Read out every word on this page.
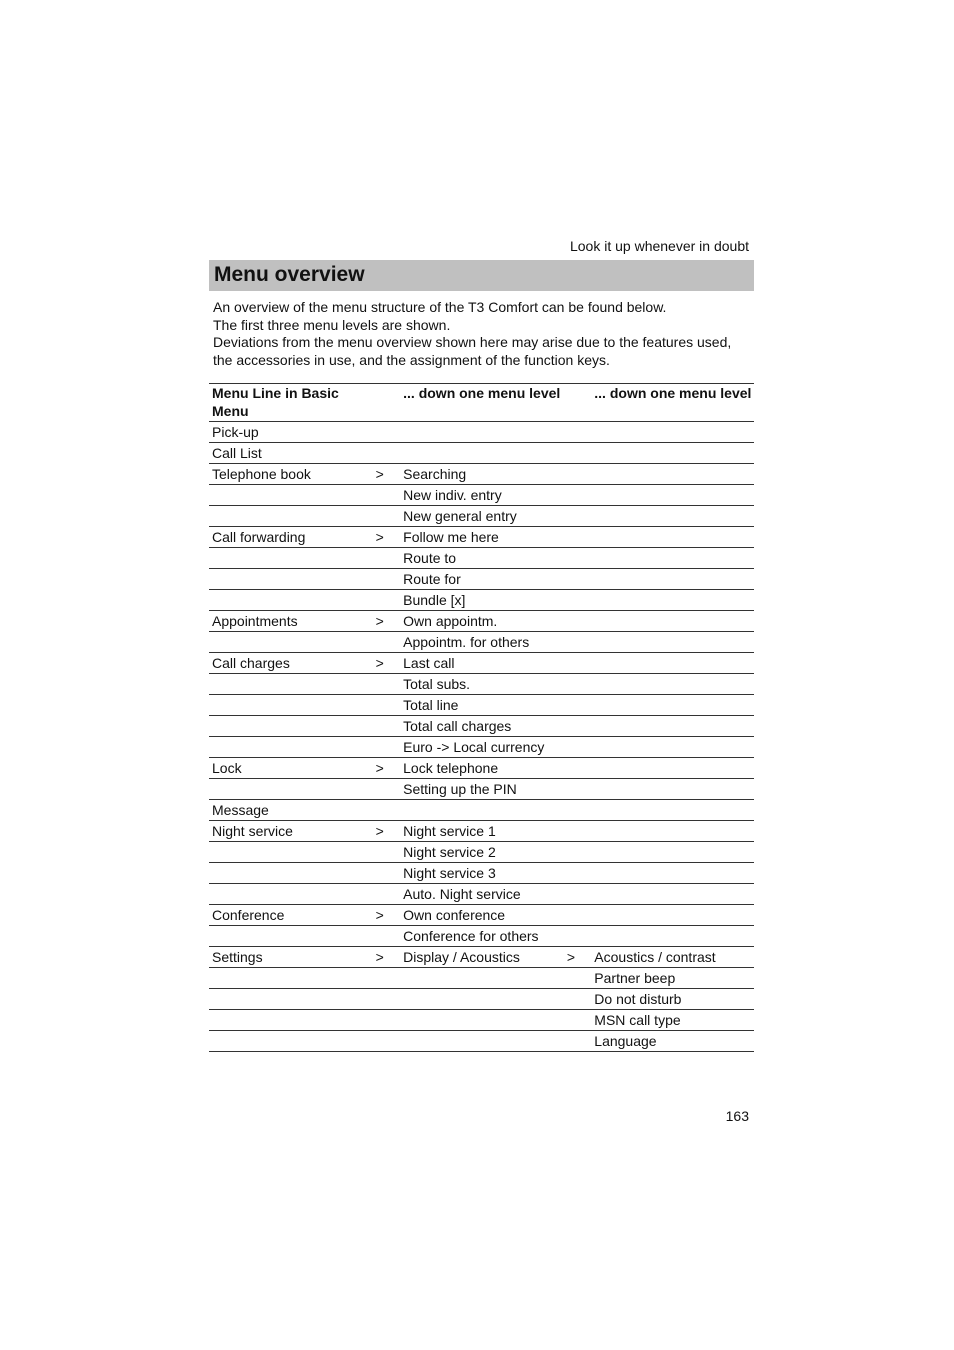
Look it up whenever in doubt
Menu overview

An overview of the menu structure of the T3 Comfort can be found below.

The first three menu levels are shown.

Deviations from the menu overview shown here may arise due to the features used, the accessories in use, and the assignment of the function keys.

Menu Line in Basic Menu		... down one menu level		... down one menu level
Pick-up				
Call List				
Telephone book	>	Searching		
		New indiv. entry		
		New general entry		
Call forwarding	>	Follow me here		
		Route to		
		Route for		
		Bundle [x]		
Appointments	>	Own appointm.		
		Appointm. for others		
Call charges	>	Last call		
		Total subs.		
		Total line		
		Total call charges		
		Euro -> Local currency		
Lock	>	Lock telephone		
		Setting up the PIN		
Message				
Night service	>	Night service 1		
		Night service 2		
		Night service 3		
		Auto. Night service		
Conference	>	Own conference		
		Conference for others		
Settings	>	Display / Acoustics	>	Acoustics / contrast
				Partner beep
				Do not disturb
				MSN call type
				Language
163
